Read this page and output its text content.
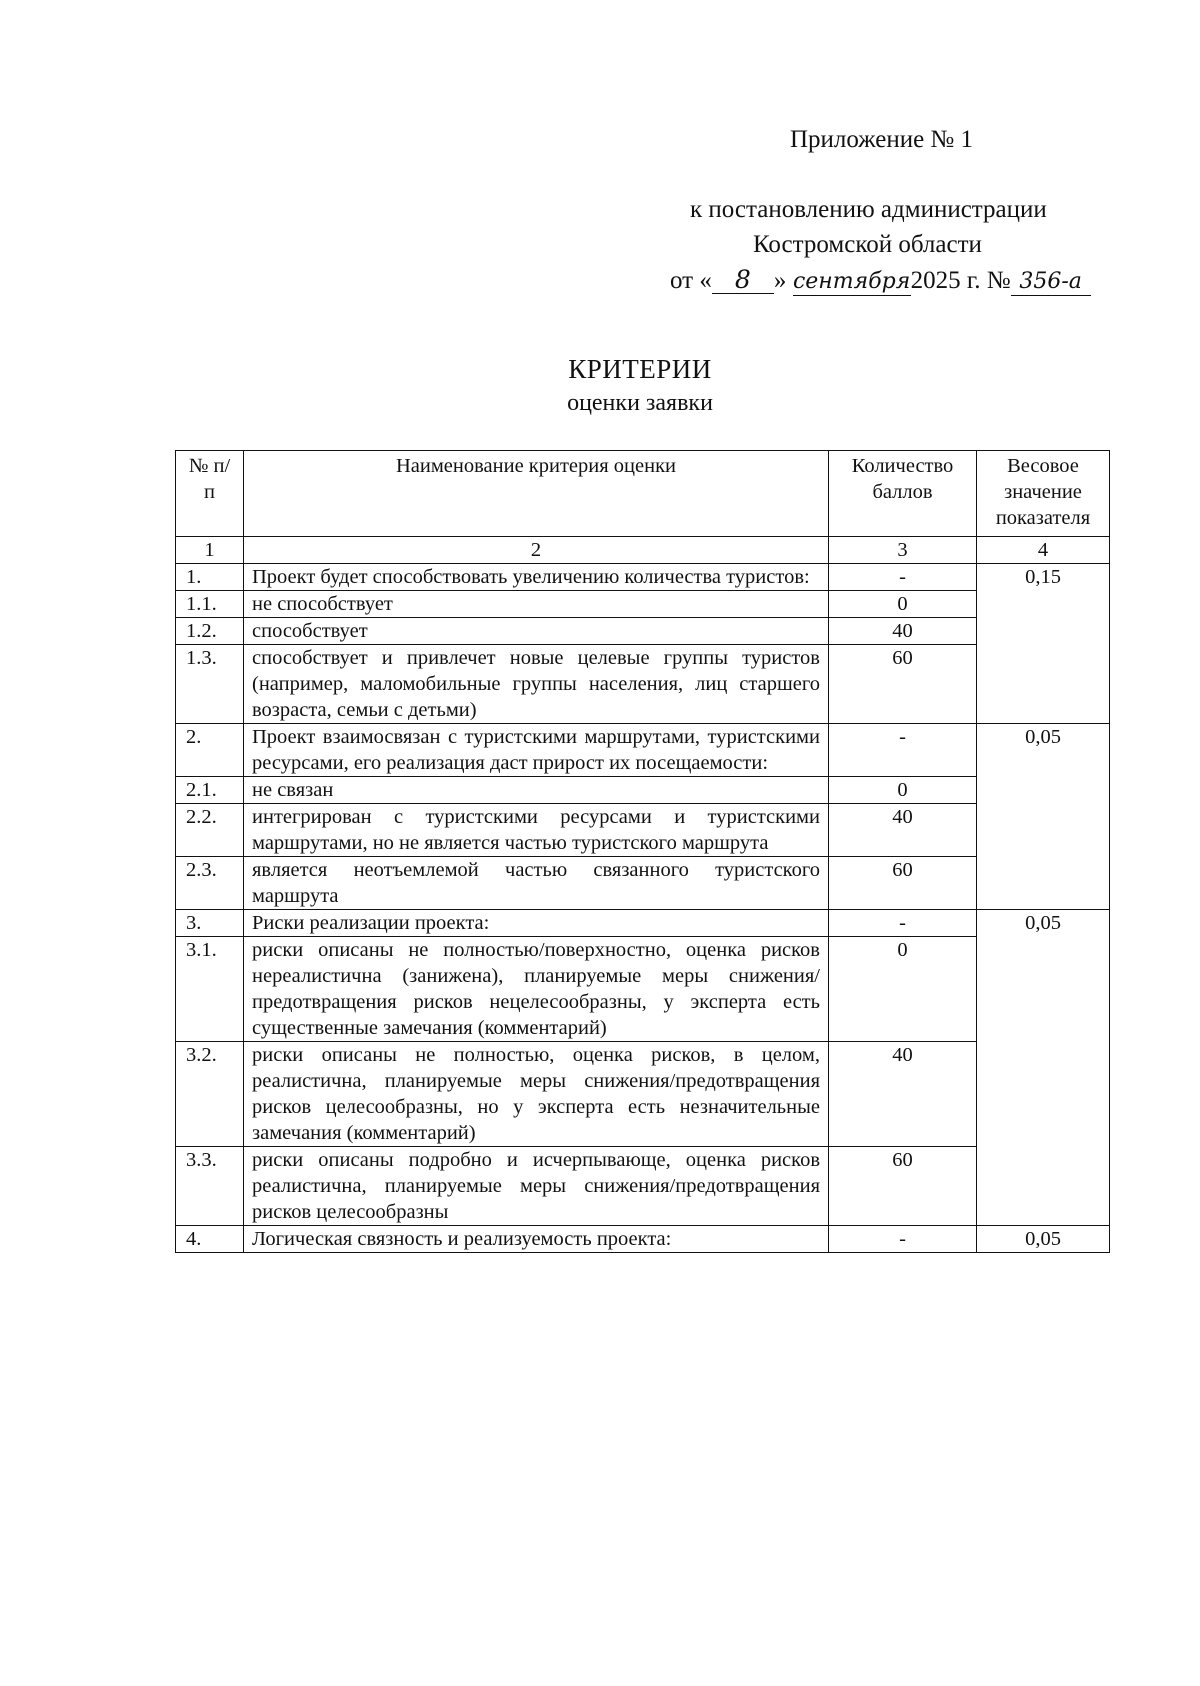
Приложение № 1
к постановлению администрации
Костромской области
от « 8 » сентября2025 г. № 356-а
КРИТЕРИИ
оценки заявки
№ п/п	Наименование критерия оценки	Количество баллов	Весовое значение показателя
1	2	3	4
1.	Проект будет способствовать увеличению количества туристов:	-	0,15
1.1.	не способствует	0	
1.2.	способствует	40	
1.3.	способствует и привлечет новые целевые группы туристов (например, маломобильные группы населения, лиц старшего возраста, семьи с детьми)	60	
2.	Проект взаимосвязан с туристскими маршрутами, туристскими ресурсами, его реализация даст прирост их посещаемости:	-	0,05
2.1.	не связан	0	
2.2.	интегрирован с туристскими ресурсами и туристскими маршрутами, но не является частью туристского маршрута	40	
2.3.	является неотъемлемой частью связанного туристского маршрута	60	
3.	Риски реализации проекта:	-	0,05
3.1.	риски описаны не полностью/поверхностно, оценка рисков нереалистична (занижена), планируемые меры снижения/предотвращения рисков нецелесообразны, у эксперта есть существенные замечания (комментарий)	0	
3.2.	риски описаны не полностью, оценка рисков, в целом, реалистична, планируемые меры снижения/предотвращения рисков целесообразны, но у эксперта есть незначительные замечания (комментарий)	40	
3.3.	риски описаны подробно и исчерпывающе, оценка рисков реалистична, планируемые меры снижения/предотвращения рисков целесообразны	60	
4.	Логическая связность и реализуемость проекта:	-	0,05
